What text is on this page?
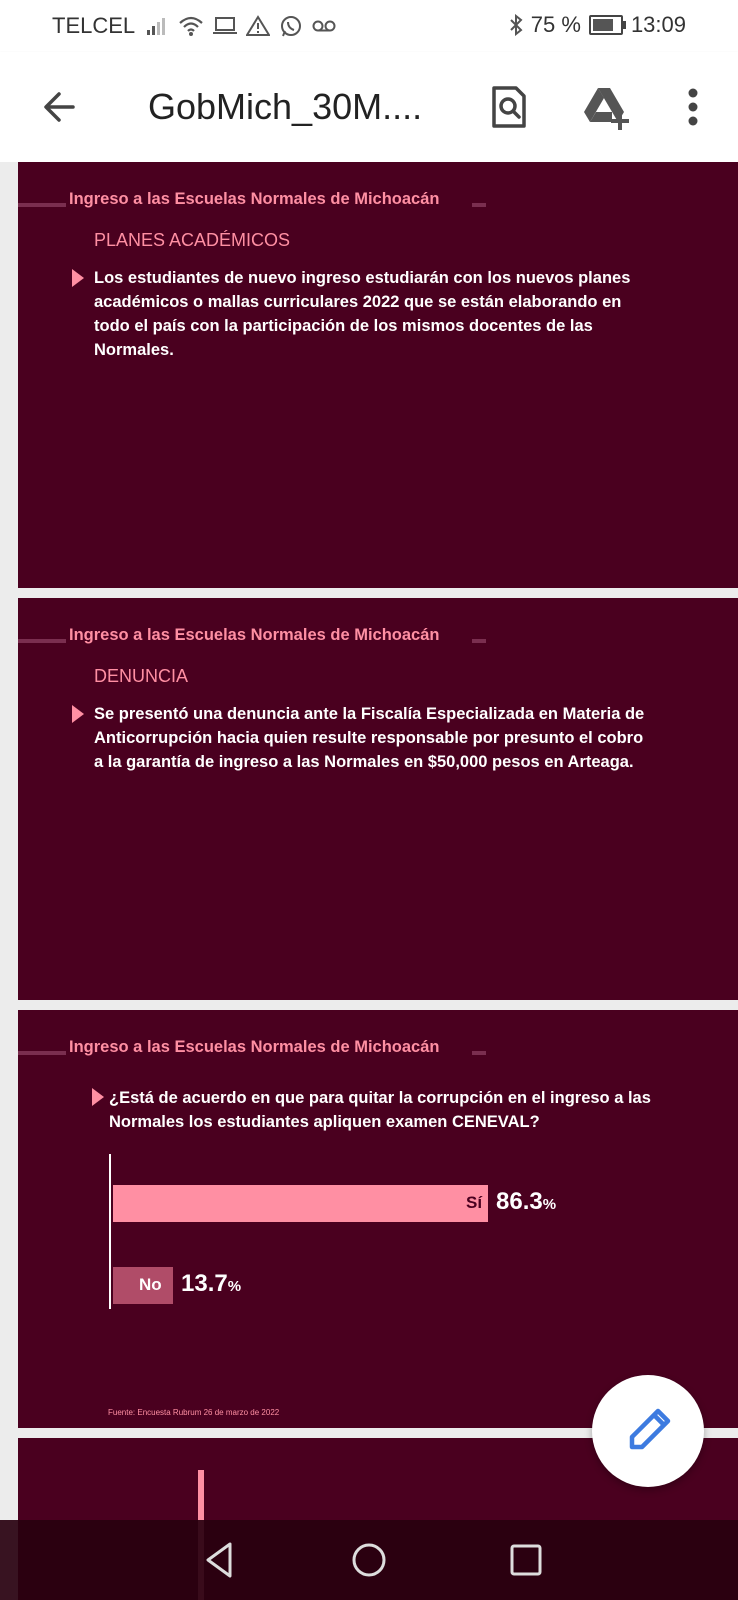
TELCEL
	75 % 13:09
GobMich_30M....
Ingreso a las Escuelas Normales de Michoacán
PLANES ACADÉMICOS
Los estudiantes de nuevo ingreso estudiarán con los nuevos planes académicos o mallas curriculares 2022 que se están elaborando en todo el país con la participación de los mismos docentes de las Normales.
Ingreso a las Escuelas Normales de Michoacán
DENUNCIA
Se presentó una denuncia ante la Fiscalía Especializada en Materia de Anticorrupción hacia quien resulte responsable por presunto el cobro a la garantía de ingreso a las Normales en $50,000 pesos en Arteaga.
Ingreso a las Escuelas Normales de Michoacán
¿Está de acuerdo en que para quitar la corrupción en el ingreso a las Normales los estudiantes apliquen examen CENEVAL?
Sí 86.3%
No 13.7%
Fuente: Encuesta Rubrum 26 de marzo de 2022
